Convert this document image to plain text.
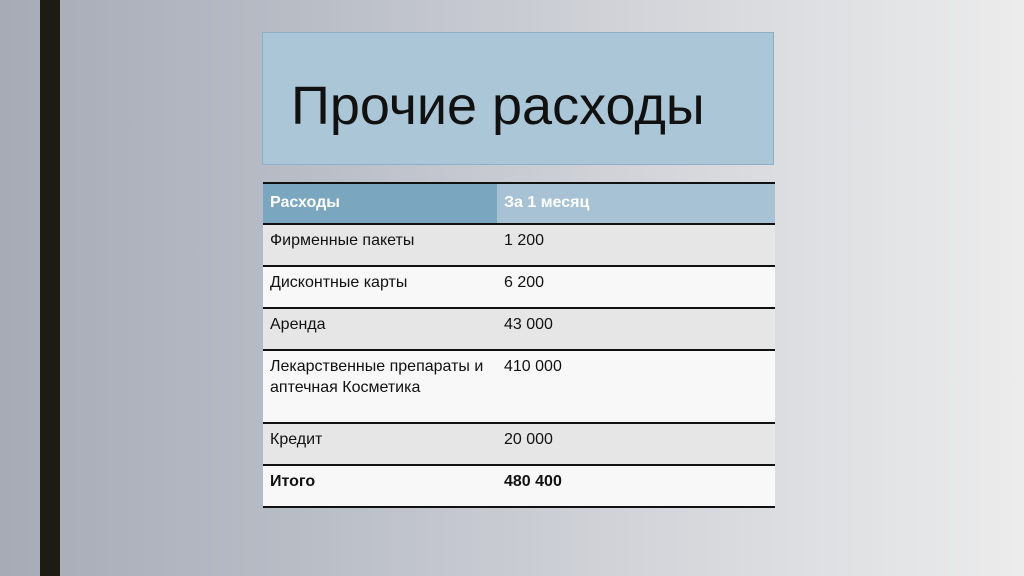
Прочие расходы
Расходы	За 1 месяц
Фирменные пакеты	1 200
Дисконтные карты	6 200
Аренда	43 000
Лекарственные препараты и аптечная Косметика	410 000
Кредит	20 000
Итого	480 400
